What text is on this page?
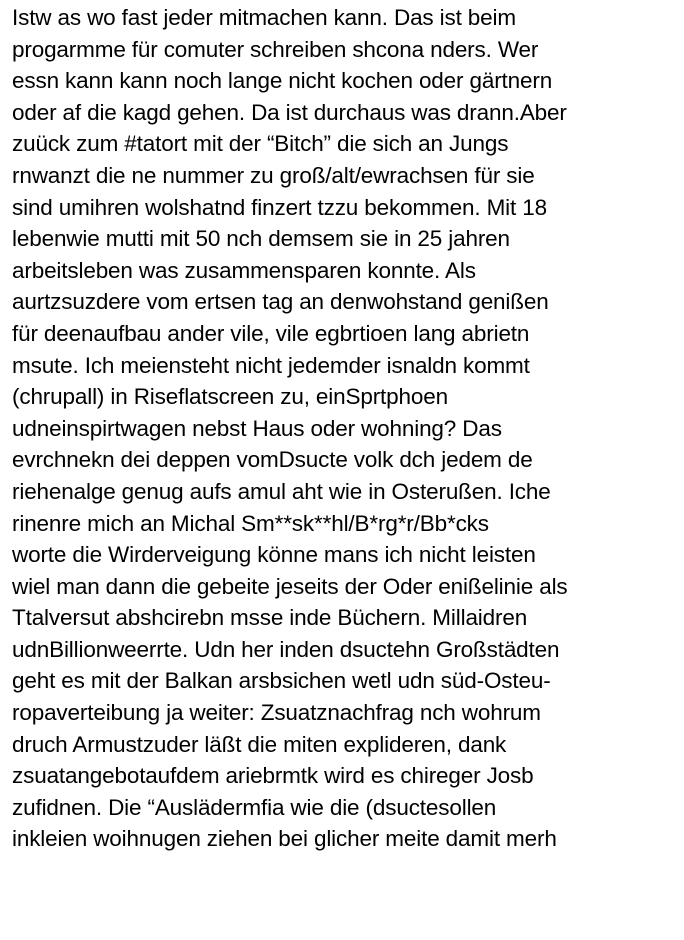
Istw as wo fast jeder mitmachen kann. Das ist beim
progarmme für comuter schreiben shcona nders. Wer
essn kann kann noch lange nicht kochen oder gärtnern
oder af die kagd gehen. Da ist durchaus was drann.Aber
zuück zum #tatort mit der “Bitch” die sich an Jungs
rnwanzt die ne nummer zu groß/alt/ewrachsen für sie
sind umihren wolshatnd finzert tzzu bekommen. Mit 18
lebenwie mutti mit 50 nch demsem sie in 25 jahren
arbeitsleben was zusammensparen konnte. Als
aurtzsuzdere vom ertsen tag an denwohstand genißen
für deenaufbau ander vile, vile egbrtioen lang abrietn
msute. Ich meiensteht nicht jedemder isnaldn kommt
(chrupall) in Riseflatscreen zu, einSprtphoen
udneinspirtwagen nebst Haus oder wohning? Das
evrchnekn dei deppen vomDsucte volk dch jedem de
riehenalge genug aufs amul aht wie in Osterußen. Iche
rinenre mich an Michal Sm**sk**hl/B*rg*r/Bb*cks
worte die Wirderveigung könne mans ich nicht leisten
wiel man dann die gebeite jeseits der Oder enißelinie als
Ttalversut abshcirebn msse inde Büchern. Millaidren
udnBillionweerrte. Udn her inden dsuctehn Großstädten
geht es mit der Balkan arsbsichen wetl udn süd-Osteu-
ropaverteibung ja weiter: Zsuatznachfrag nch wohrum
druch Armustzuder läßt die miten explideren, dank
zsuatangebotaufdem ariebrmtk wird es chireger Josb
zufidnen. Die “Auslädermfia wie die (dsuctesollen
inkleien woihnugen ziehen bei glicher meite damit merh
